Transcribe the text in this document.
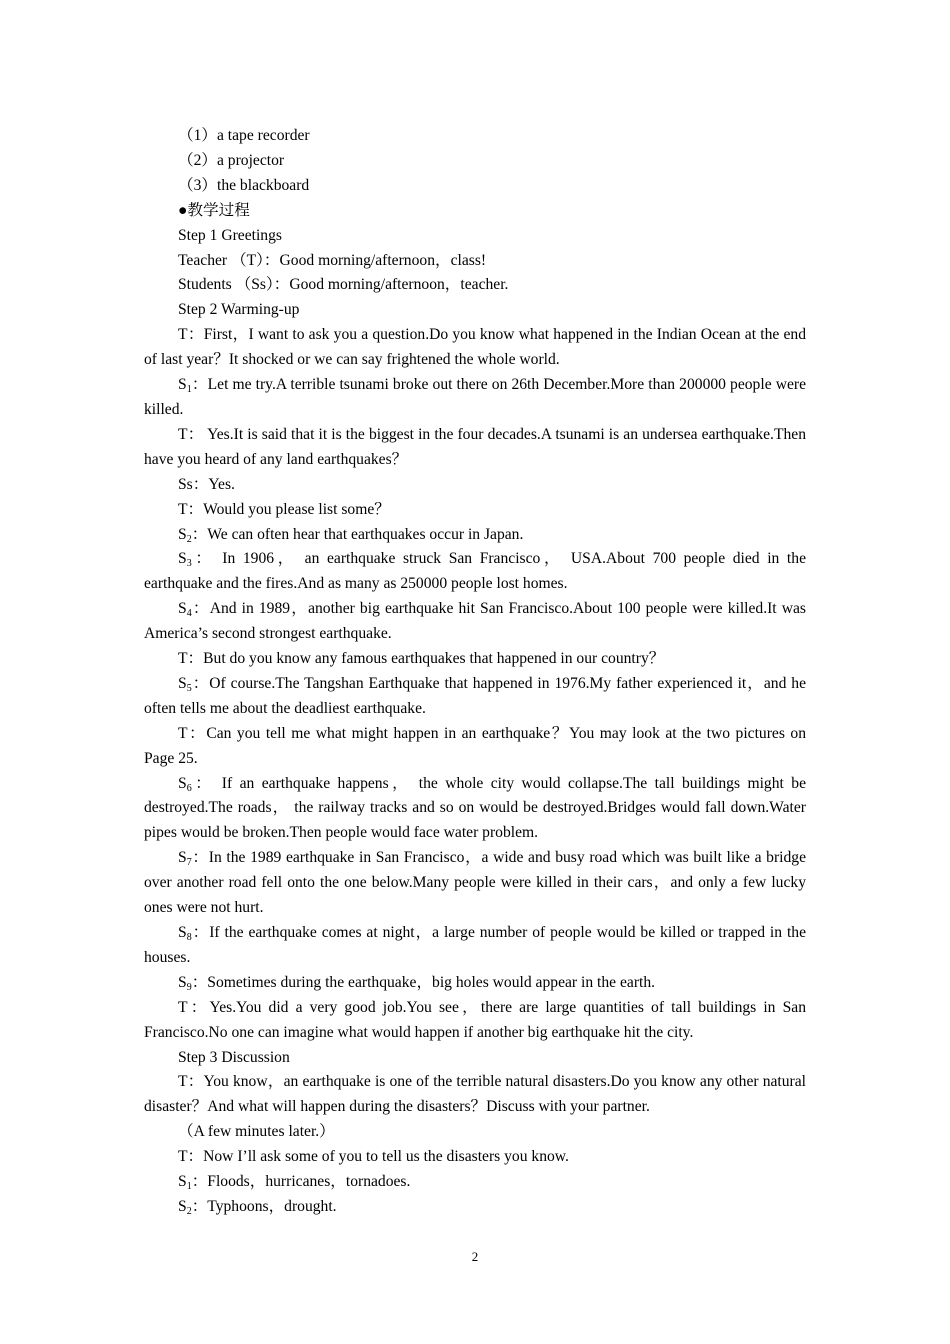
（1）a tape recorder

（2）a projector

（3）the blackboard

●教学过程

Step 1 Greetings

Teacher （T）：Good morning/afternoon，class!

Students （Ss）：Good morning/afternoon，teacher.

Step 2 Warming-up

T：First，I want to ask you a question.Do you know what happened in the Indian Ocean at the end of last year？It shocked or we can say frightened the whole world.

$S_1$：Let me try.A terrible tsunami broke out there on 26th December.More than 200000 people were killed.

T： Yes.It is said that it is the biggest in the four decades.A tsunami is an undersea earthquake.Then have you heard of any land earthquakes？

Ss：Yes.

T：Would you please list some？

$S_2$：We can often hear that earthquakes occur in Japan.

$S_3$： In 1906， an earthquake struck San Francisco， USA.About 700 people died in the earthquake and the fires.And as many as 250000 people lost homes.

$S_4$：And in 1989，another big earthquake hit San Francisco.About 100 people were killed.It was America’s second strongest earthquake.

T：But do you know any famous earthquakes that happened in our country？

$S_5$：Of course.The Tangshan Earthquake that happened in 1976.My father experienced it，and he often tells me about the deadliest earthquake.

T：Can you tell me what might happen in an earthquake？You may look at the two pictures on Page 25.

$S_6$： If an earthquake happens， the whole city would collapse.The tall buildings might be destroyed.The roads， the railway tracks and so on would be destroyed.Bridges would fall down.Water pipes would be broken.Then people would face water problem.

$S_7$：In the 1989 earthquake in San Francisco，a wide and busy road which was built like a bridge over another road fell onto the one below.Many people were killed in their cars，and only a few lucky ones were not hurt.

$S_8$：If the earthquake comes at night，a large number of people would be killed or trapped in the houses.

$S_9$：Sometimes during the earthquake，big holes would appear in the earth.

T：Yes.You did a very good job.You see，there are large quantities of tall buildings in San Francisco.No one can imagine what would happen if another big earthquake hit the city.

Step 3 Discussion

T：You know，an earthquake is one of the terrible natural disasters.Do you know any other natural disaster？And what will happen during the disasters？Discuss with your partner.

（A few minutes later.）

T：Now I’ll ask some of you to tell us the disasters you know.

$S_1$：Floods，hurricanes，tornadoes.

$S_2$：Typhoons，drought.

2
